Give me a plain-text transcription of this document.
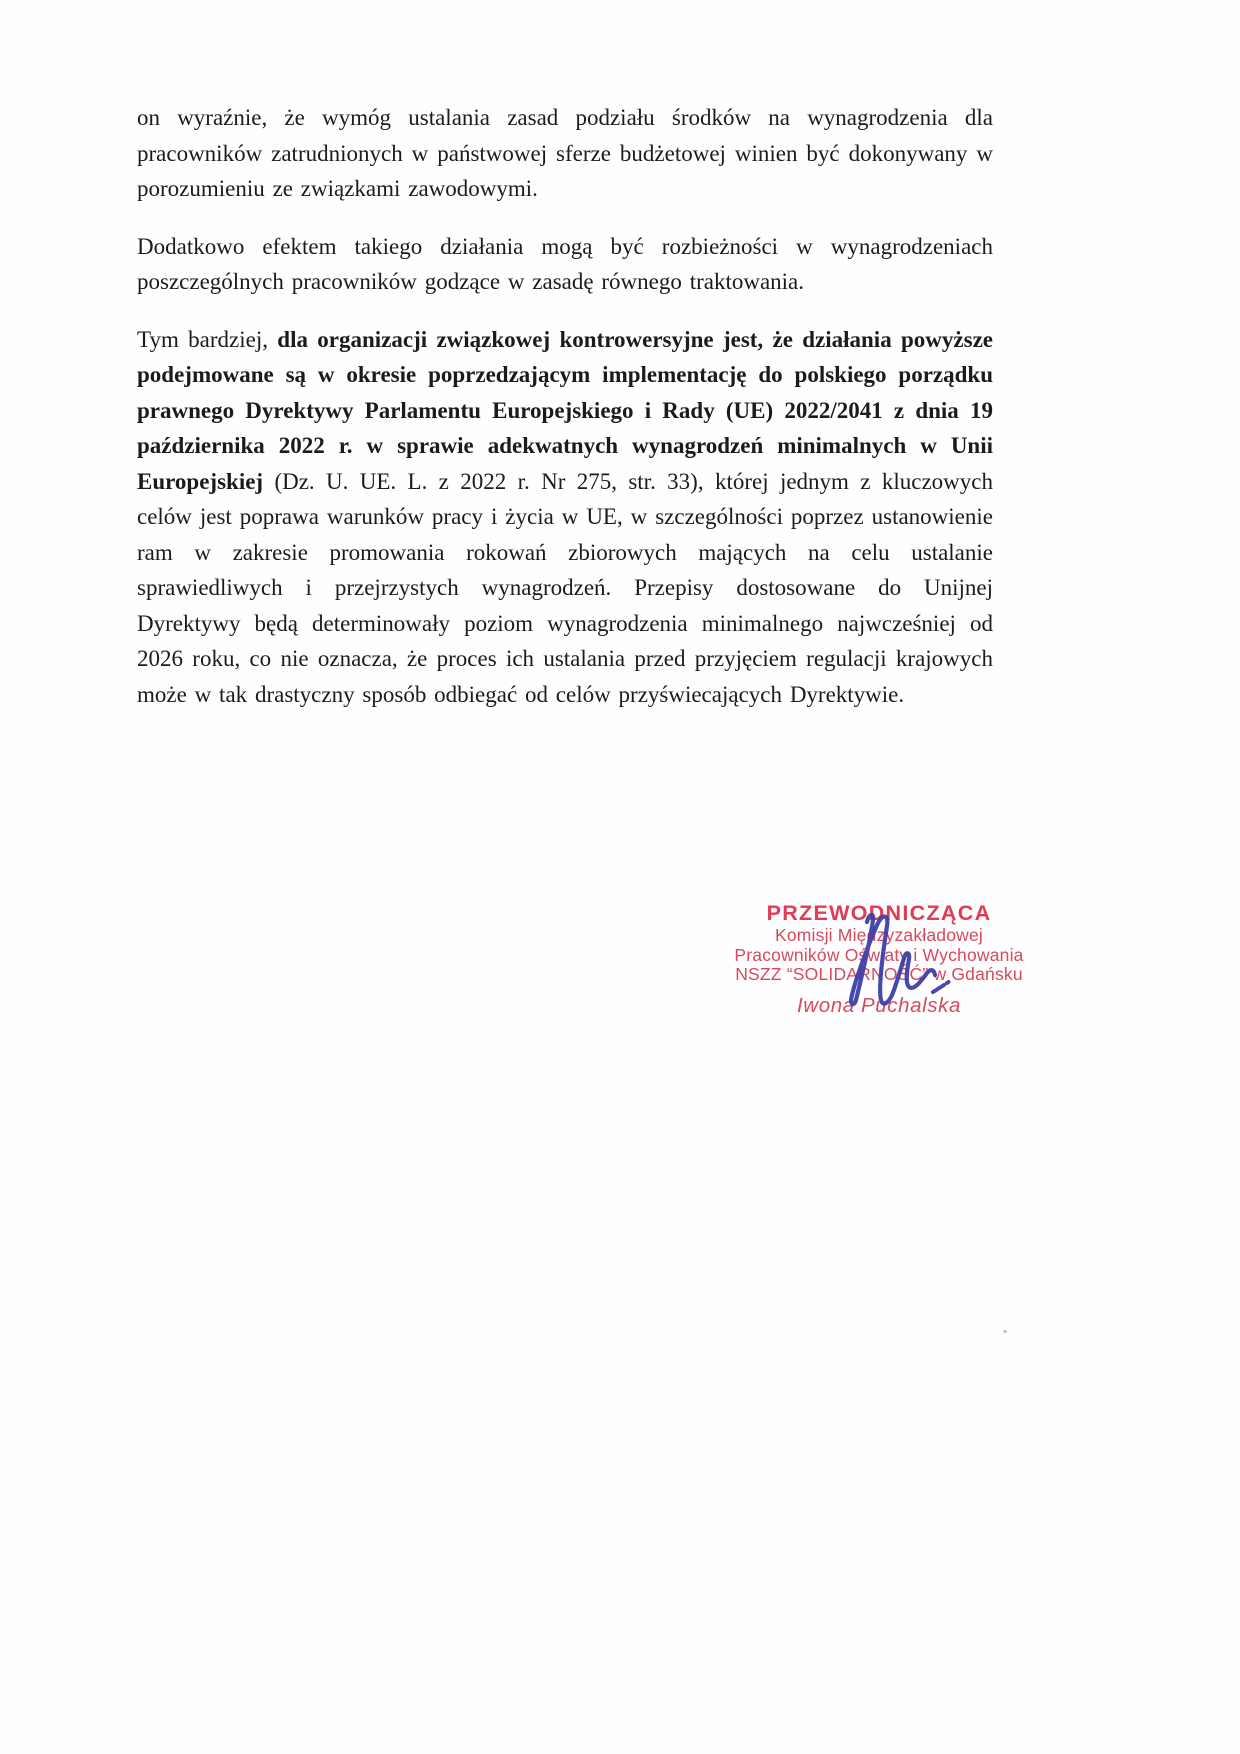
on wyraźnie, że wymóg ustalania zasad podziału środków na wynagrodzenia dla pracowników zatrudnionych w państwowej sferze budżetowej winien być dokonywany w porozumieniu ze związkami zawodowymi.

Dodatkowo efektem takiego działania mogą być rozbieżności w wynagrodzeniach poszczególnych pracowników godzące w zasadę równego traktowania.

Tym bardziej, dla organizacji związkowej kontrowersyjne jest, że działania powyższe podejmowane są w okresie poprzedzającym implementację do polskiego porządku prawnego Dyrektywy Parlamentu Europejskiego i Rady (UE) 2022/2041 z dnia 19 października 2022 r. w sprawie adekwatnych wynagrodzeń minimalnych w Unii Europejskiej (Dz. U. UE. L. z 2022 r. Nr 275, str. 33), której jednym z kluczowych celów jest poprawa warunków pracy i życia w UE, w szczególności poprzez ustanowienie ram w zakresie promowania rokowań zbiorowych mających na celu ustalanie sprawiedliwych i przejrzystych wynagrodzeń. Przepisy dostosowane do Unijnej Dyrektywy będą determinowały poziom wynagrodzenia minimalnego najwcześniej od 2026 roku, co nie oznacza, że proces ich ustalania przed przyjęciem regulacji krajowych może w tak drastyczny sposób odbiegać od celów przyświecających Dyrektywie.

PRZEWODNICZĄCA
Komisji Międzyzakładowej
Pracowników Oświaty i Wychowania
NSZZ “SOLIDARNOŚĆ” w Gdańsku
Iwona Puchalska
